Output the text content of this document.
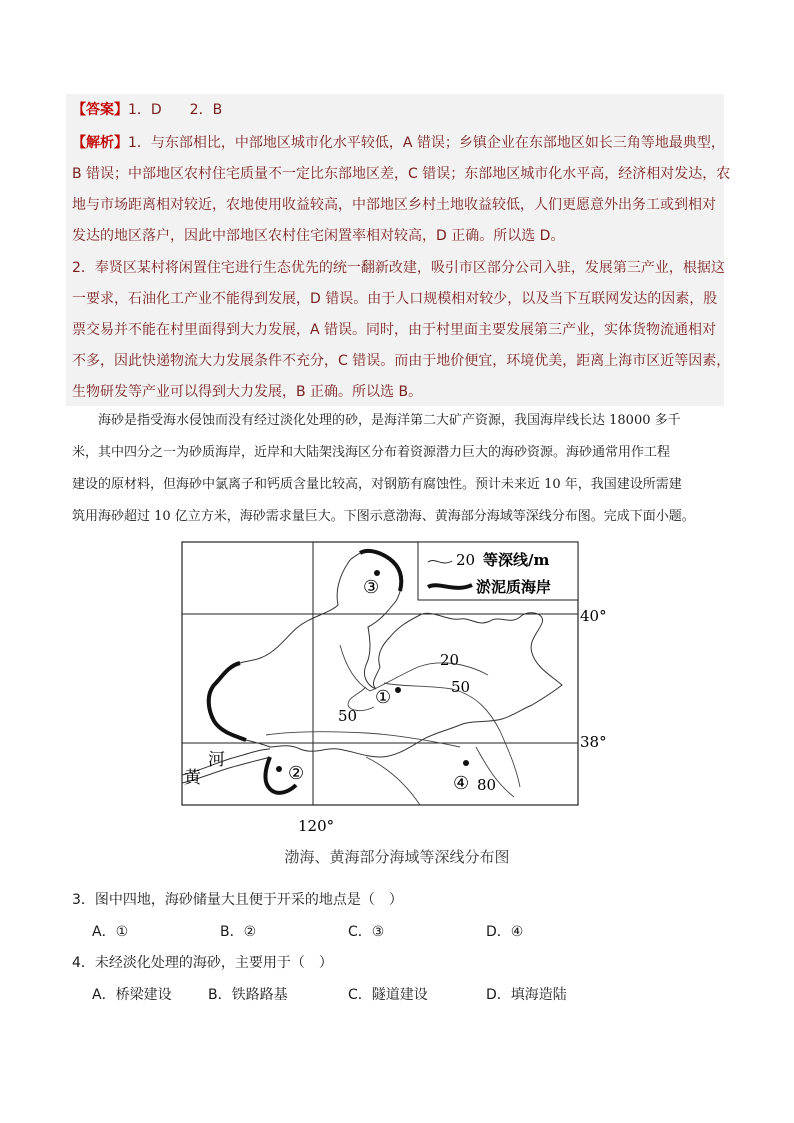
【答案】1．D　　2．B
【解析】1．与东部相比，中部地区城市化水平较低，A 错误；乡镇企业在东部地区如长三角等地最典型，
B 错误；中部地区农村住宅质量不一定比东部地区差，C 错误；东部地区城市化水平高，经济相对发达，农
地与市场距离相对较近，农地使用收益较高，中部地区乡村土地收益较低，人们更愿意外出务工或到相对
发达的地区落户，因此中部地区农村住宅闲置率相对较高，D 正确。所以选 D。
2．奉贤区某村将闲置住宅进行生态优先的统一翻新改建，吸引市区部分公司入驻，发展第三产业，根据这
一要求，石油化工产业不能得到发展，D 错误。由于人口规模相对较少，以及当下互联网发达的因素，股
票交易并不能在村里面得到大力发展，A 错误。同时，由于村里面主要发展第三产业，实体货物流通相对
不多，因此快递物流大力发展条件不充分，C 错误。而由于地价便宜，环境优美，距离上海市区近等因素，
生物研发等产业可以得到大力发展，B 正确。所以选 B。
海砂是指受海水侵蚀而没有经过淡化处理的砂，是海洋第二大矿产资源，我国海岸线长达 18000 多千
米，其中四分之一为砂质海岸，近岸和大陆架浅海区分布着资源潜力巨大的海砂资源。海砂通常用作工程
建设的原材料，但海砂中氯离子和钙质含量比较高，对钢筋有腐蚀性。预计未来近 10 年，我国建设所需建
筑用海砂超过 10 亿立方米，海砂需求量巨大。下图示意渤海、黄海部分海域等深线分布图。完成下面小题。
20 等深线/m
淤泥质海岸
20
50
50
80
③
①
②	④
河
黄
40°
38°
120°
渤海、黄海部分海域等深线分布图
3．图中四地，海砂储量大且便于开采的地点是（　）
A．①	B．②	C．③	D．④
4．未经淡化处理的海砂，主要用于（　）
A．桥梁建设	B．铁路路基	C．隧道建设	D．填海造陆
